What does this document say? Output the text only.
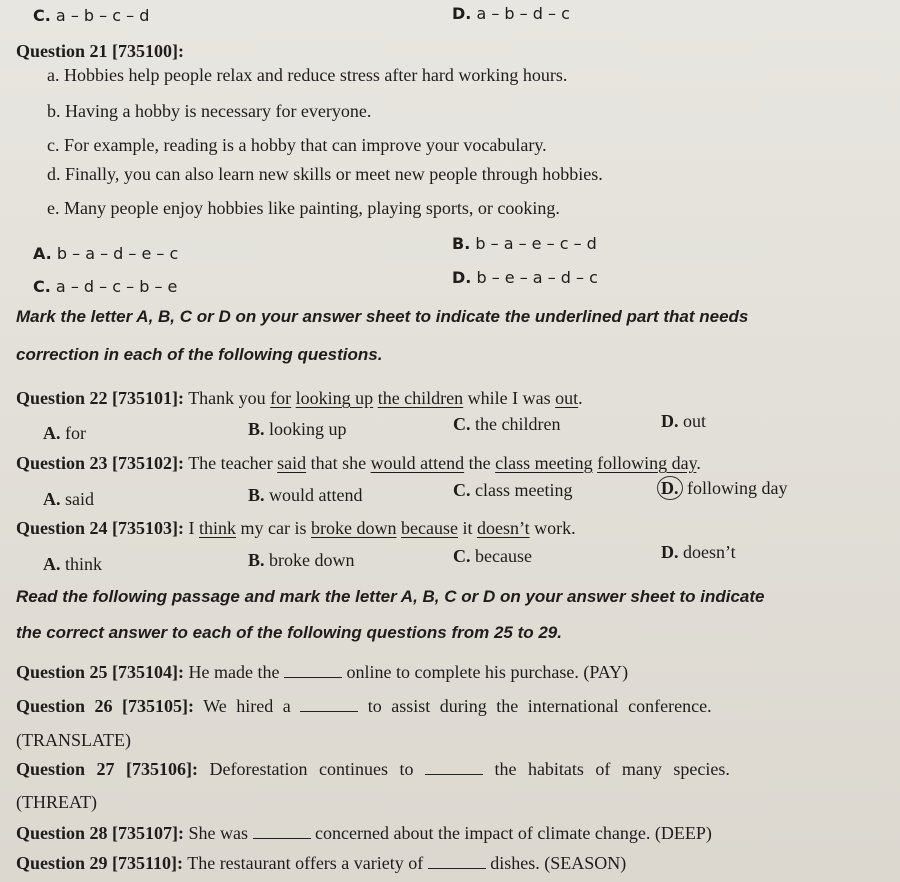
C. a – b – c – d	D. a – b – d – c
Question 21 [735100]:
a. Hobbies help people relax and reduce stress after hard working hours.
b. Having a hobby is necessary for everyone.
c. For example, reading is a hobby that can improve your vocabulary.
d. Finally, you can also learn new skills or meet new people through hobbies.
e. Many people enjoy hobbies like painting, playing sports, or cooking.
A. b – a – d – e – c
B. b – a – e – c – d
C. a – d – c – b – e	D. b – e – a – d – c
Mark the letter A, B, C or D on your answer sheet to indicate the underlined part that needs
correction in each of the following questions.
Question 22 [735101]: Thank you for looking up the children while I was out.
A. for	B. looking up	C. the children	D. out
Question 23 [735102]: The teacher said that she would attend the class meeting following day.
A. said	B. would attend	C. class meeting	D. following day
Question 24 [735103]: I think my car is broke down because it doesn’t work.
A. think	B. broke down	C. because	D. doesn’t
Read the following passage and mark the letter A, B, C or D on your answer sheet to indicate
the correct answer to each of the following questions from 25 to 29.
Question 25 [735104]: He made the	online to complete his purchase. (PAY)
Question 26 [735105]: We hired a	to assist during the international conference.
(TRANSLATE)
Question 27 [735106]: Deforestation continues to	the habitats of many species.
(THREAT)
Question 28 [735107]: She was	concerned about the impact of climate change. (DEEP)
Question 29 [735110]: The restaurant offers a variety of	dishes. (SEASON)
